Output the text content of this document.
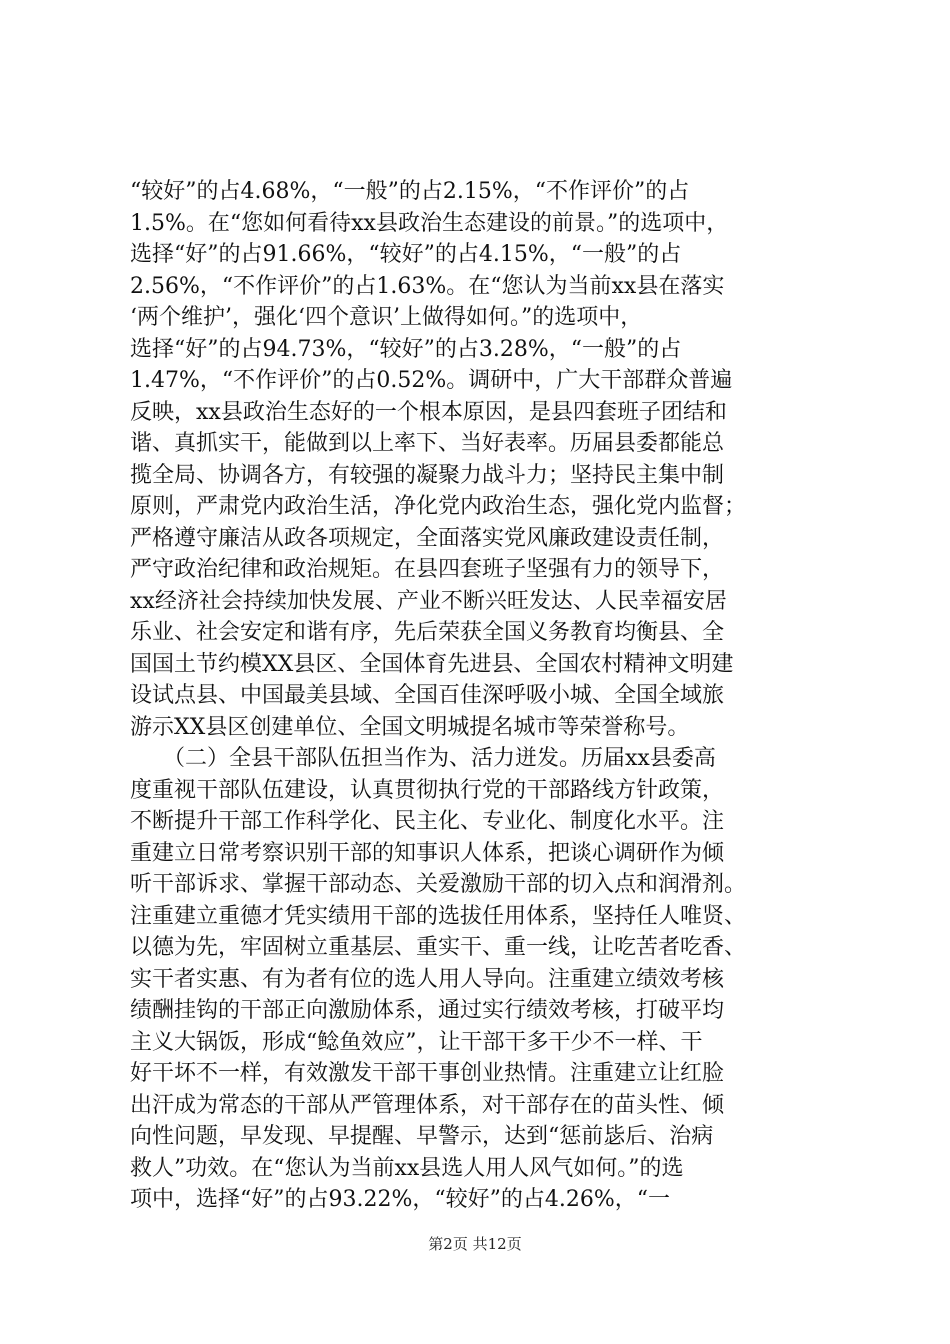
“较好”的占4.68%，“一般”的占2.15%，“不作评价”的占
1.5%。在“您如何看待xx县政治生态建设的前景。”的选项中，
选择“好”的占91.66%，“较好”的占4.15%，“一般”的占
2.56%，“不作评价”的占1.63%。在“您认为当前xx县在落实
‘两个维护’，强化‘四个意识’上做得如何。”的选项中，
选择“好”的占94.73%，“较好”的占3.28%，“一般”的占
1.47%，“不作评价”的占0.52%。调研中，广大干部群众普遍
反映，xx县政治生态好的一个根本原因，是县四套班子团结和
谐、真抓实干，能做到以上率下、当好表率。历届县委都能总
揽全局、协调各方，有较强的凝聚力战斗力；坚持民主集中制
原则，严肃党内政治生活，净化党内政治生态，强化党内监督；
严格遵守廉洁从政各项规定，全面落实党风廉政建设责任制，
严守政治纪律和政治规矩。在县四套班子坚强有力的领导下，
xx经济社会持续加快发展、产业不断兴旺发达、人民幸福安居
乐业、社会安定和谐有序，先后荣获全国义务教育均衡县、全
国国土节约模XX县区、全国体育先进县、全国农村精神文明建
设试点县、中国最美县域、全国百佳深呼吸小城、全国全域旅
游示XX县区创建单位、全国文明城提名城市等荣誉称号。
　　（二）全县干部队伍担当作为、活力迸发。历届xx县委高
度重视干部队伍建设，认真贯彻执行党的干部路线方针政策，
不断提升干部工作科学化、民主化、专业化、制度化水平。注
重建立日常考察识别干部的知事识人体系，把谈心调研作为倾
听干部诉求、掌握干部动态、关爱激励干部的切入点和润滑剂。
注重建立重德才凭实绩用干部的选拔任用体系，坚持任人唯贤、
以德为先，牢固树立重基层、重实干、重一线，让吃苦者吃香、
实干者实惠、有为者有位的选人用人导向。注重建立绩效考核
绩酬挂钩的干部正向激励体系，通过实行绩效考核，打破平均
主义大锅饭，形成“鲶鱼效应”，让干部干多干少不一样、干
好干坏不一样，有效激发干部干事创业热情。注重建立让红脸
出汗成为常态的干部从严管理体系，对干部存在的苗头性、倾
向性问题，早发现、早提醒、早警示，达到“惩前毖后、治病
救人”功效。在“您认为当前xx县选人用人风气如何。”的选
项中，选择“好”的占93.22%，“较好”的占4.26%，“一
第2页 共12页
